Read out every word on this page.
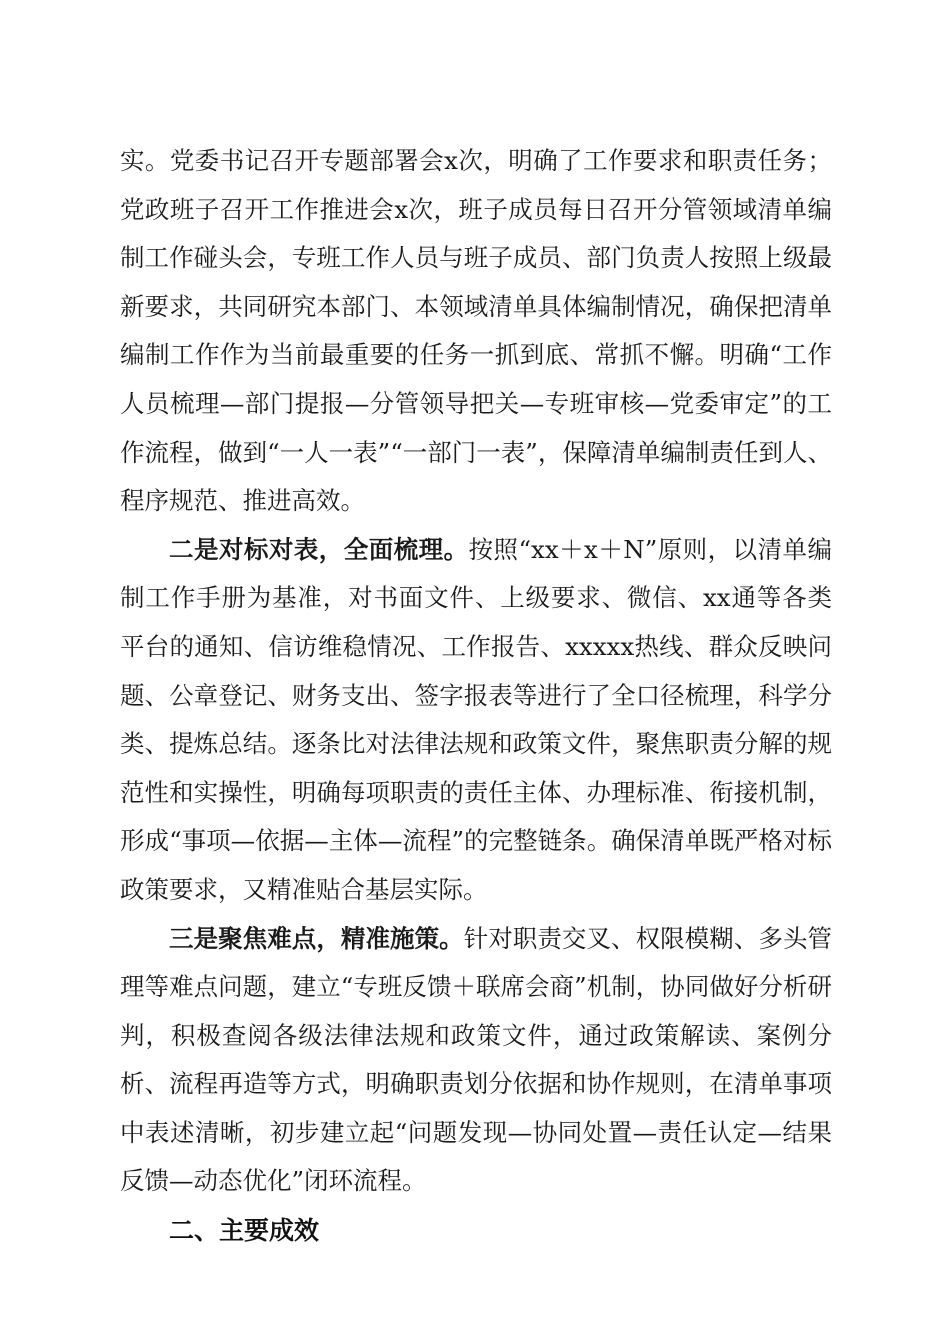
实。党委书记召开专题部署会x次，明确了工作要求和职责任务；党政班子召开工作推进会x次，班子成员每日召开分管领域清单编制工作碰头会，专班工作人员与班子成员、部门负责人按照上级最新要求，共同研究本部门、本领域清单具体编制情况，确保把清单编制工作作为当前最重要的任务一抓到底、常抓不懈。明确“工作人员梳理—部门提报—分管领导把关—专班审核—党委审定”的工作流程，做到“一人一表”“一部门一表”，保障清单编制责任到人、程序规范、推进高效。

二是对标对表，全面梳理。按照“xx＋x＋N”原则，以清单编制工作手册为基准，对书面文件、上级要求、微信、xx通等各类平台的通知、信访维稳情况、工作报告、xxxxx热线、群众反映问题、公章登记、财务支出、签字报表等进行了全口径梳理，科学分类、提炼总结。逐条比对法律法规和政策文件，聚焦职责分解的规范性和实操性，明确每项职责的责任主体、办理标准、衔接机制，形成“事项—依据—主体—流程”的完整链条。确保清单既严格对标政策要求，又精准贴合基层实际。

三是聚焦难点，精准施策。针对职责交叉、权限模糊、多头管理等难点问题，建立“专班反馈＋联席会商”机制，协同做好分析研判，积极查阅各级法律法规和政策文件，通过政策解读、案例分析、流程再造等方式，明确职责划分依据和协作规则，在清单事项中表述清晰，初步建立起“问题发现—协同处置—责任认定—结果反馈—动态优化”闭环流程。

二、主要成效
